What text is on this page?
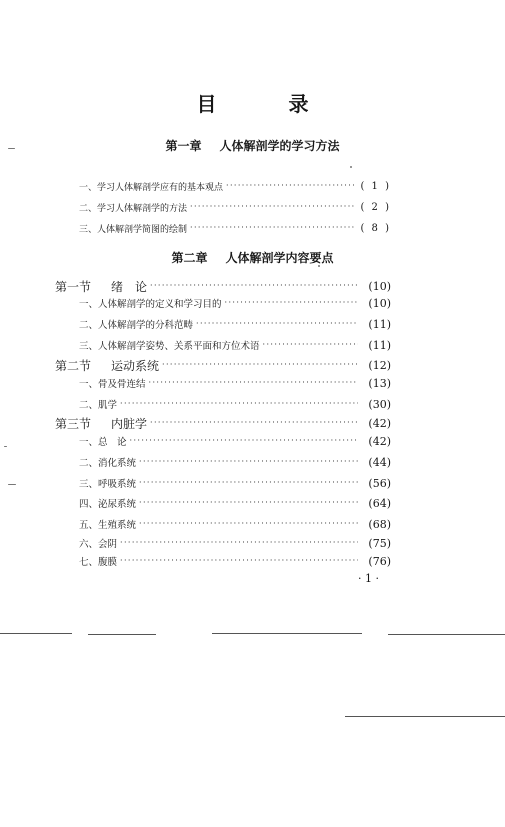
目　录
第一章 人体解剖学的学习方法
一、学习人体解剖学应有的基本观点 ·····	( 1 )
二、学习人体解剖学的方法 ·····	( 2 )
三、人体解剖学简图的绘制 ·····	( 8 )
第二章 人体解剖学内容要点
第一节 绪　论 ·····	(10)
一、人体解剖学的定义和学习目的 ·····	(10)
二、人体解剖学的分科范畴 ·····	(11)
三、人体解剖学姿势、关系平面和方位术语 ·····	(11)
第二节 运动系统 ·····	(12)
一、骨及骨连结 ·····	(13)
二、肌学 ·····	(30)
第三节 内脏学 ·····	(42)
一、总　论 ·····	(42)
二、消化系统 ·····	(44)
三、呼吸系统 ·····	(56)
四、泌尿系统 ·····	(64)
五、生殖系统 ·····	(68)
六、会阴 ·····	(75)
七、腹膜 ·····	(76)
· 1 ·
